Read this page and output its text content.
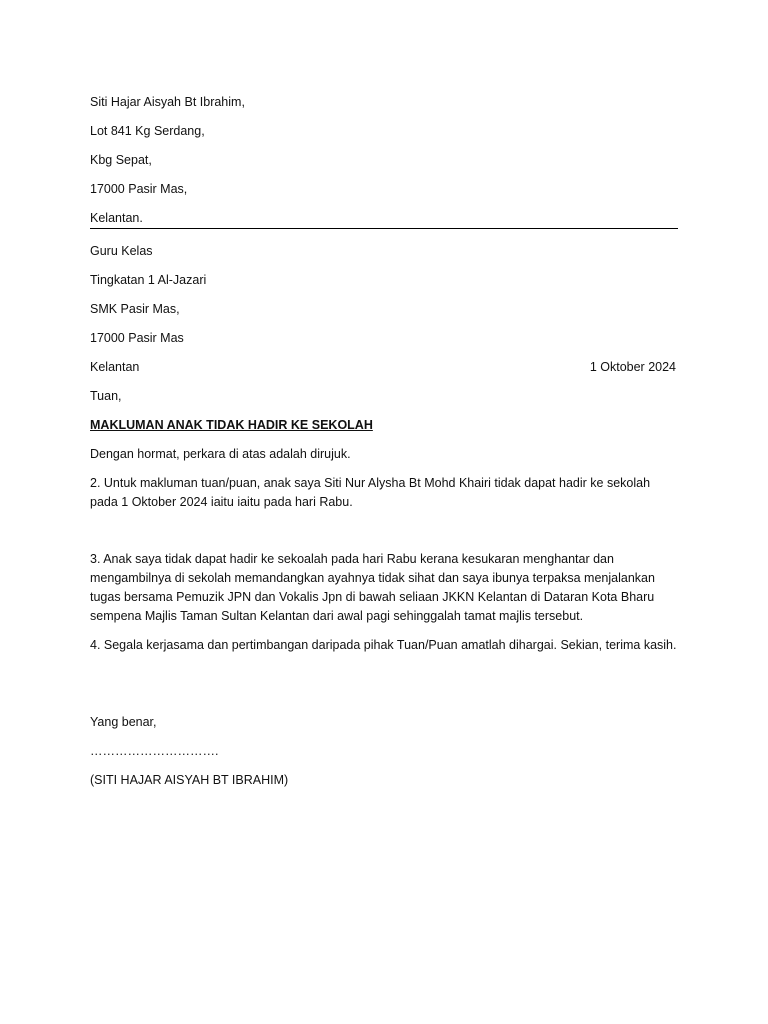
Siti Hajar Aisyah Bt Ibrahim,
Lot 841 Kg Serdang,
Kbg Sepat,
17000 Pasir Mas,
Kelantan.
Guru Kelas
Tingkatan 1 Al-Jazari
SMK Pasir Mas,
17000 Pasir Mas
Kelantan	1 Oktober 2024
Tuan,
MAKLUMAN ANAK TIDAK HADIR KE SEKOLAH
Dengan hormat, perkara di atas adalah dirujuk.
2. Untuk makluman tuan/puan, anak saya Siti Nur Alysha Bt Mohd Khairi tidak dapat hadir ke sekolah pada 1 Oktober 2024 iaitu iaitu pada hari Rabu.
3. Anak saya tidak dapat hadir ke sekoalah pada hari Rabu kerana kesukaran menghantar dan mengambilnya di sekolah memandangkan ayahnya tidak sihat dan saya ibunya terpaksa menjalankan tugas bersama Pemuzik JPN dan Vokalis Jpn di bawah seliaan JKKN Kelantan di Dataran Kota Bharu sempena Majlis Taman Sultan Kelantan dari awal pagi sehinggalah tamat majlis tersebut.
4. Segala kerjasama dan pertimbangan daripada pihak Tuan/Puan amatlah dihargai. Sekian, terima kasih.
Yang benar,
………………………….
(SITI HAJAR AISYAH BT IBRAHIM)
